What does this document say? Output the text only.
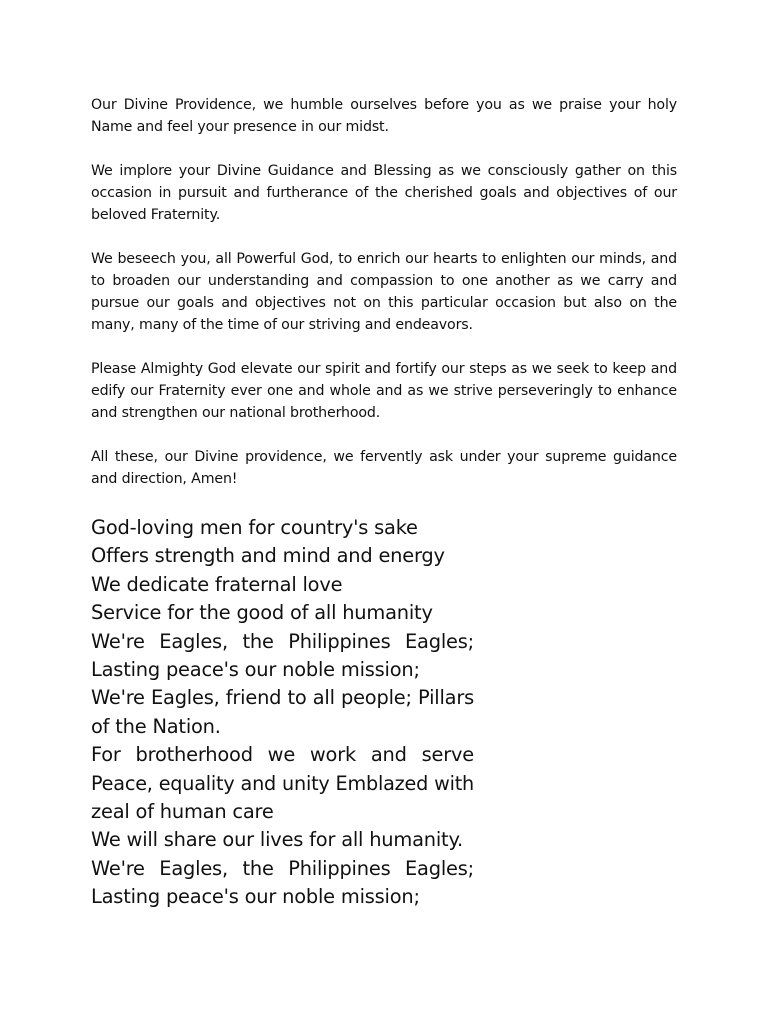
Our Divine Providence, we humble ourselves before you as we praise your holy Name and feel your presence in our midst.

We implore your Divine Guidance and Blessing as we consciously gather on this occasion in pursuit and furtherance of the cherished goals and objectives of our beloved Fraternity.

We beseech you, all Powerful God, to enrich our hearts to enlighten our minds, and to broaden our understanding and compassion to one another as we carry and pursue our goals and objectives not on this particular occasion but also on the many, many of the time of our striving and endeavors.

Please Almighty God elevate our spirit and fortify our steps as we seek to keep and edify our Fraternity ever one and whole and as we strive perseveringly to enhance and strengthen our national brotherhood.

All these, our Divine providence, we fervently ask under your supreme guidance and direction, Amen!

God-loving men for country's sake
Offers strength and mind and energy
We dedicate fraternal love
Service for the good of all humanity
We're Eagles, the Philippines Eagles;
Lasting peace's our noble mission;
We're Eagles, friend to all people; Pillars
of the Nation.
For brotherhood we work and serve
Peace, equality and unity Emblazed with
zeal of human care
We will share our lives for all humanity.
We're Eagles, the Philippines Eagles;
Lasting peace's our noble mission;
